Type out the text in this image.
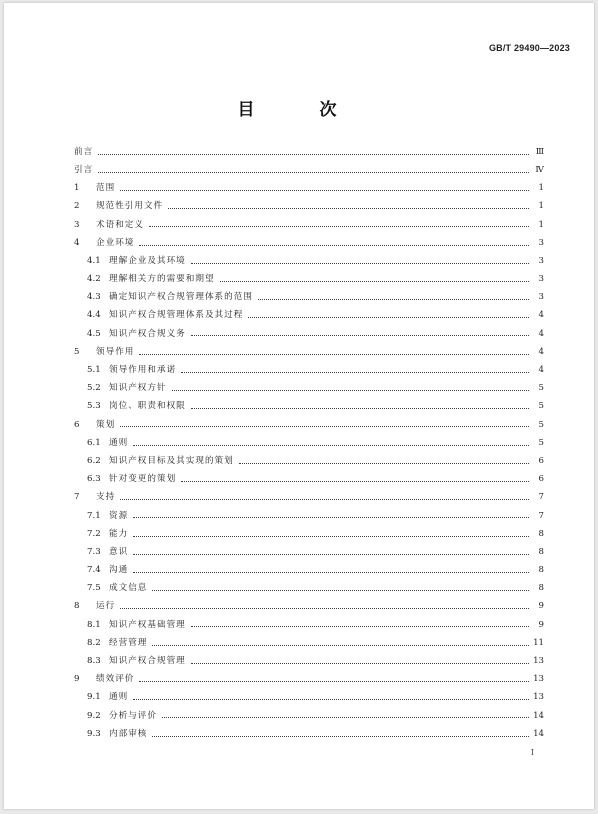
GB/T 29490—2023
目　次
前言	Ⅲ
引言	Ⅳ
1	范围	1
2	规范性引用文件	1
3	术语和定义	1
4	企业环境	3
4.1 理解企业及其环境	3
4.2 理解相关方的需要和期望	3
4.3 确定知识产权合规管理体系的范围	3
4.4 知识产权合规管理体系及其过程	4
4.5 知识产权合规义务	4
5	领导作用	4
5.1 领导作用和承诺	4
5.2 知识产权方针	5
5.3 岗位、职责和权限	5
6	策划	5
6.1 通则	5
6.2 知识产权目标及其实现的策划	6
6.3 针对变更的策划	6
7	支持	7
7.1 资源	7
7.2 能力	8
7.3 意识	8
7.4 沟通	8
7.5 成文信息	8
8	运行	9
8.1 知识产权基础管理	9
8.2 经营管理	11
8.3 知识产权合规管理	13
9	绩效评价	13
9.1 通则	13
9.2 分析与评价	14
9.3 内部审核	14
Ⅰ
